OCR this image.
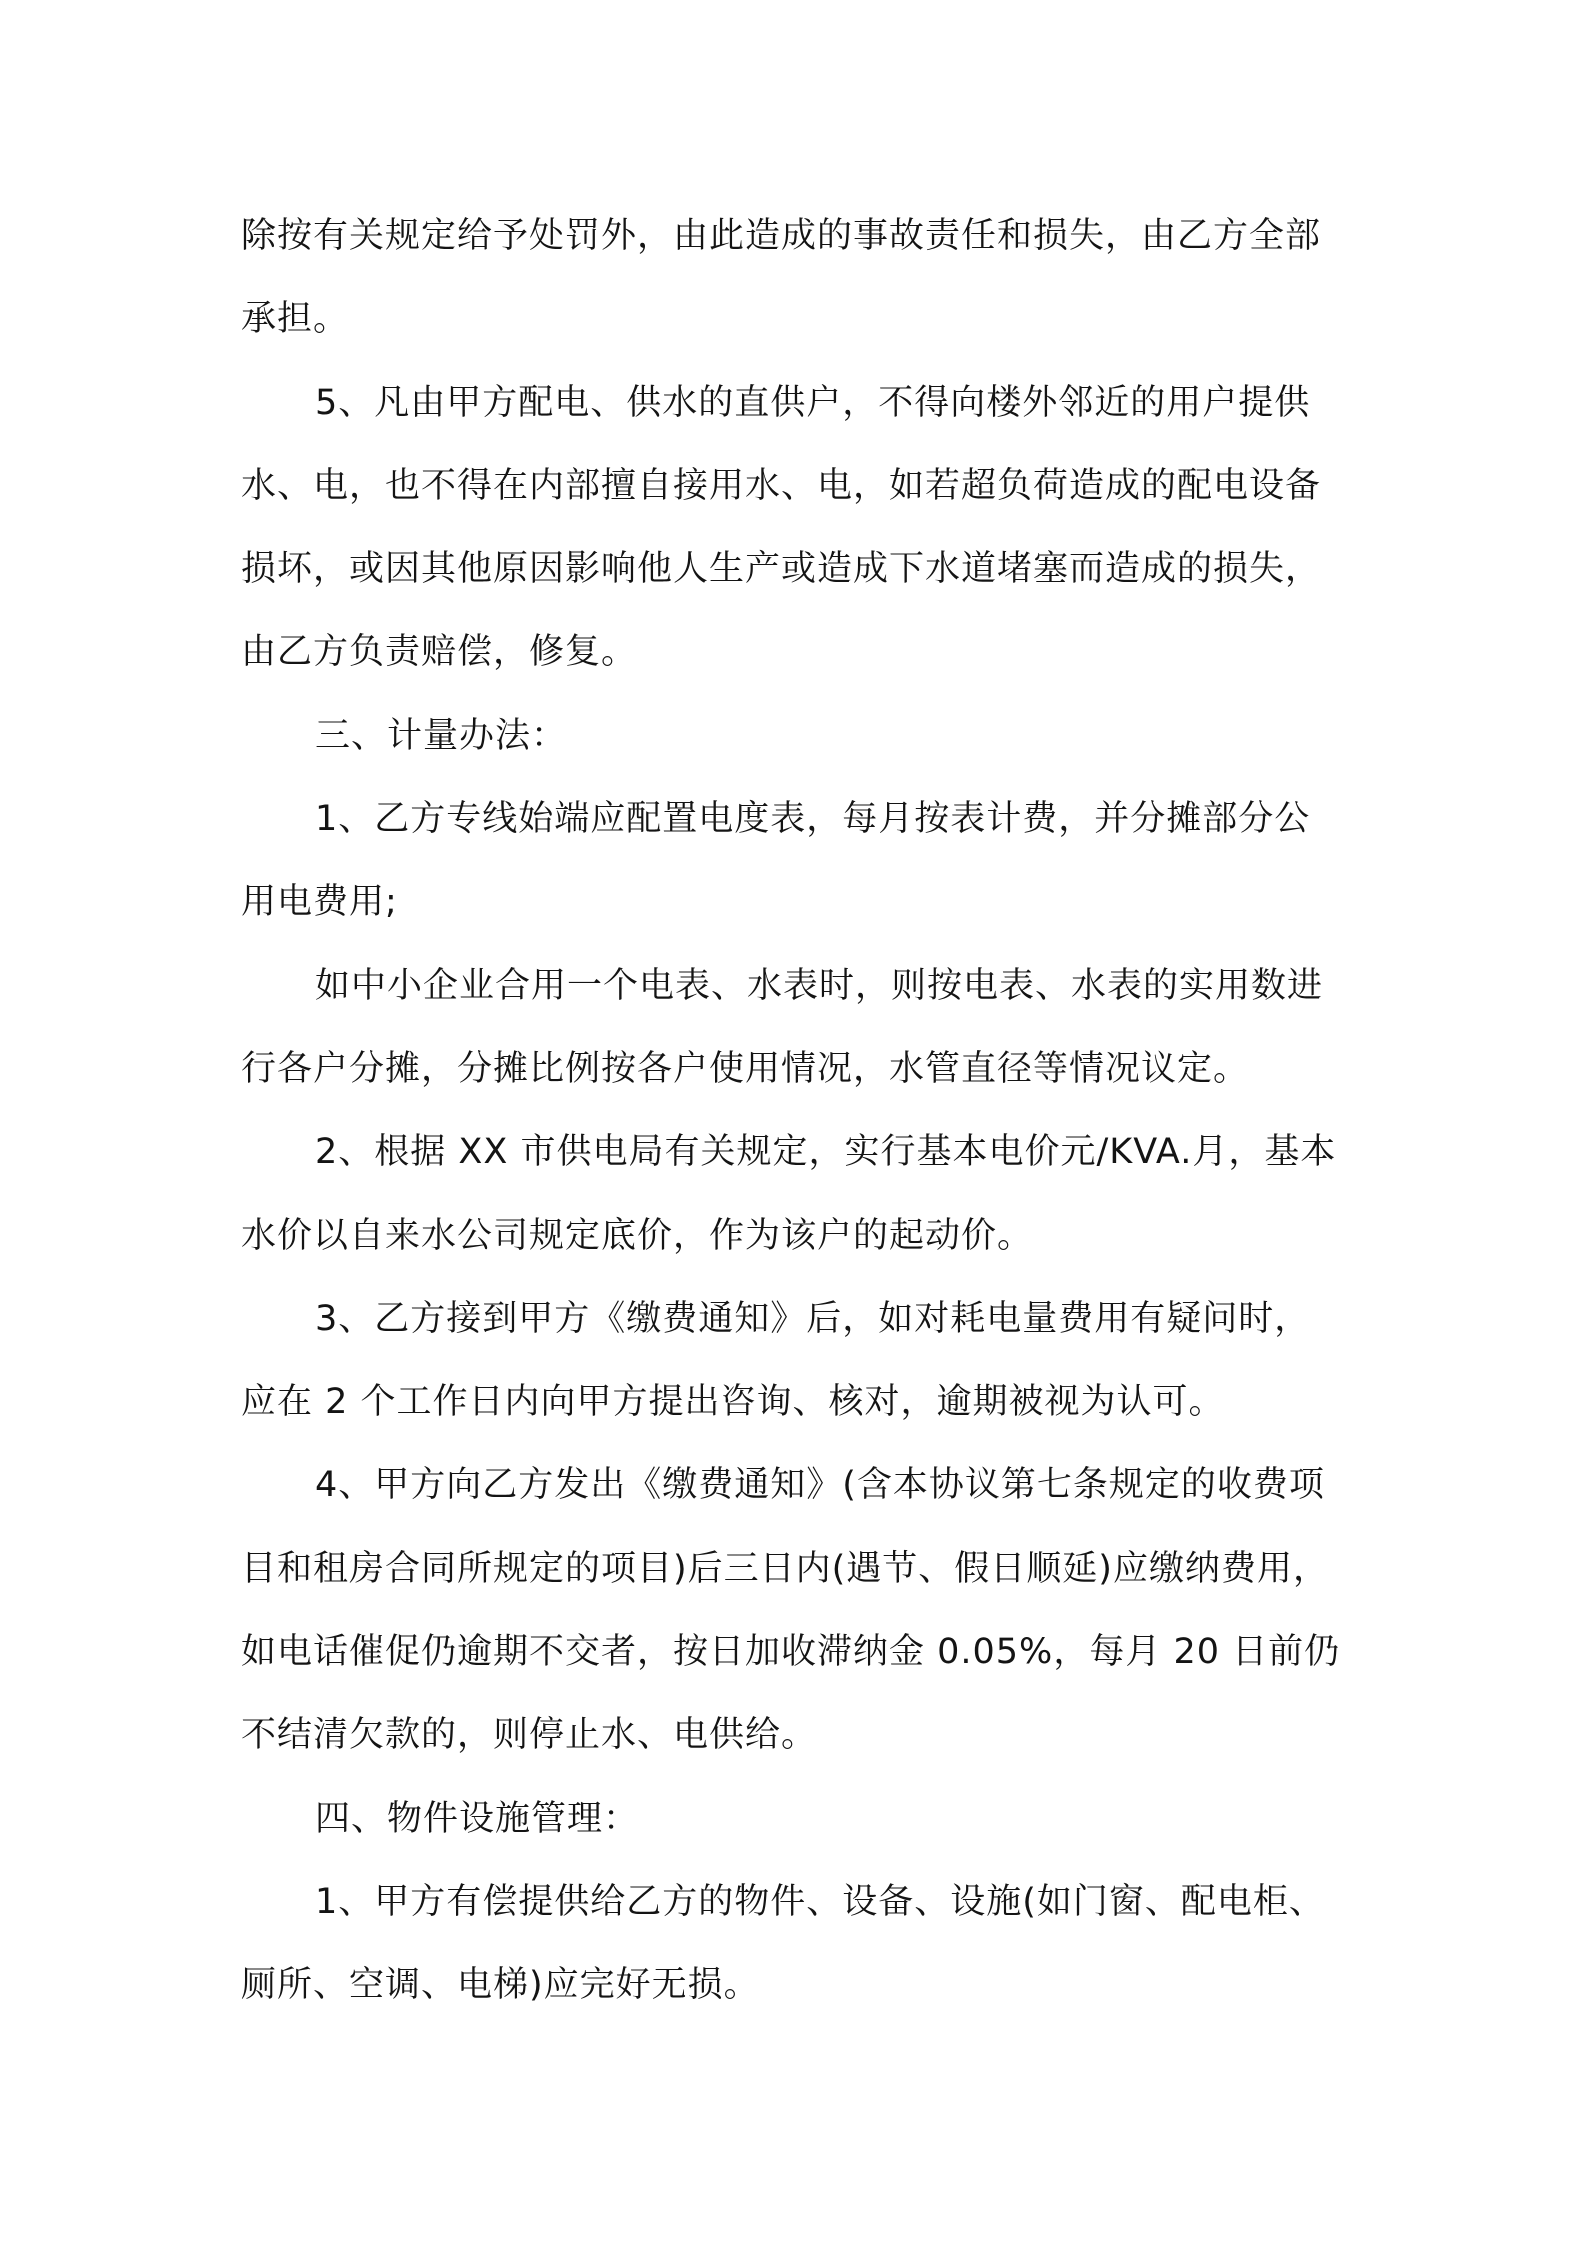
除按有关规定给予处罚外，由此造成的事故责任和损失，由乙方全部
承担。
5、凡由甲方配电、供水的直供户，不得向楼外邻近的用户提供
水、电，也不得在内部擅自接用水、电，如若超负荷造成的配电设备
损坏，或因其他原因影响他人生产或造成下水道堵塞而造成的损失，
由乙方负责赔偿，修复。
三、计量办法：
1、乙方专线始端应配置电度表，每月按表计费，并分摊部分公
用电费用;
如中小企业合用一个电表、水表时，则按电表、水表的实用数进
行各户分摊，分摊比例按各户使用情况，水管直径等情况议定。
2、根据 XX 市供电局有关规定，实行基本电价元/KVA.月，基本
水价以自来水公司规定底价，作为该户的起动价。
3、乙方接到甲方《缴费通知》后，如对耗电量费用有疑问时，
应在 2 个工作日内向甲方提出咨询、核对，逾期被视为认可。
4、甲方向乙方发出《缴费通知》(含本协议第七条规定的收费项
目和租房合同所规定的项目)后三日内(遇节、假日顺延)应缴纳费用，
如电话催促仍逾期不交者，按日加收滞纳金 0.05%，每月 20 日前仍
不结清欠款的，则停止水、电供给。
四、物件设施管理：
1、甲方有偿提供给乙方的物件、设备、设施(如门窗、配电柜、
厕所、空调、电梯)应完好无损。
